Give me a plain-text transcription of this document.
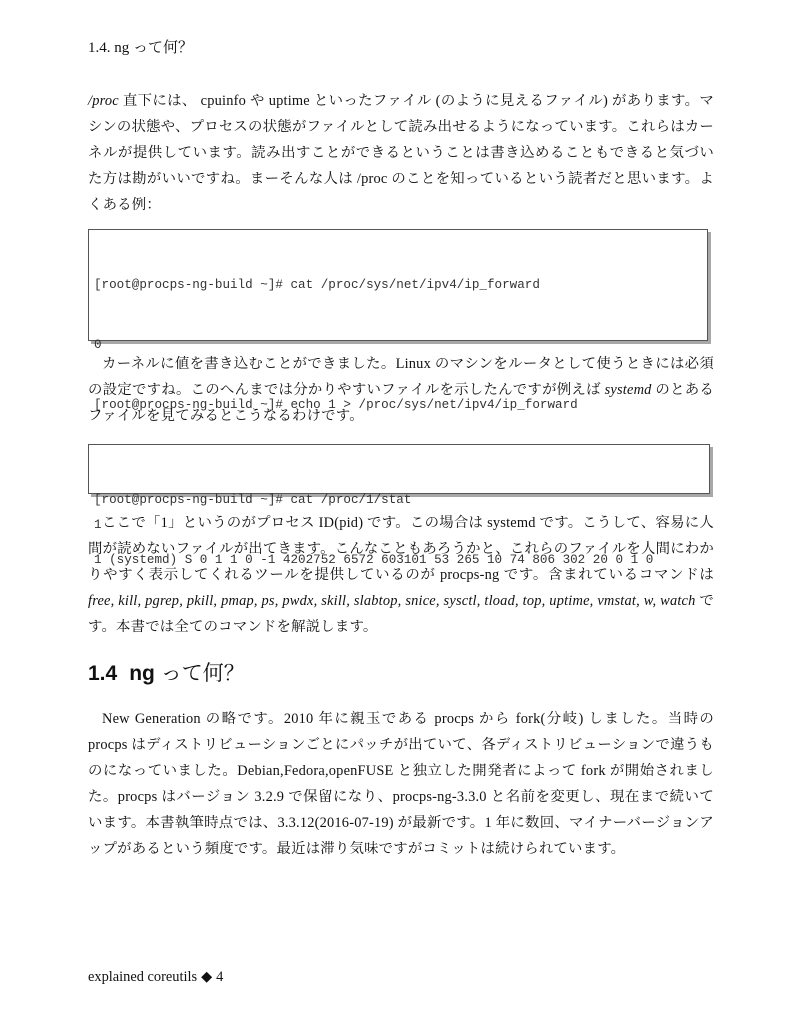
1.4. ng って何？
/proc 直下には、 cpuinfo や uptime といったファイル (のように見えるファイル) があります。マシンの状態や、プロセスの状態がファイルとして読み出せるようになっています。これらはカーネルが提供しています。読み出すことができるということは書き込めることもできると気づいた方は勘がいいですね。まーそんな人は /proc のことを知っているという読者だと思います。よくある例：

[root@procps-ng-build ~]# cat /proc/sys/net/ipv4/ip_forward

0

[root@procps-ng-build ~]# echo 1 > /proc/sys/net/ipv4/ip_forward

1

カーネルに値を書き込むことができました。Linux のマシンをルータとして使うときには必須の設定ですね。このへんまでは分かりやすいファイルを示したんですが例えば systemd のとあるファイルを見てみるとこうなるわけです。

[root@procps-ng-build ~]# cat /proc/1/stat

1 (systemd) S 0 1 1 0 -1 4202752 6572 603101 53 265 10 74 806 302 20 0 1 0

ここで「1」というのがプロセス ID(pid) です。この場合は systemd です。こうして、容易に人間が読めないファイルが出てきます。こんなこともあろうかと、これらのファイルを人間にわかりやすく表示してくれるツールを提供しているのが procps-ng です。含まれているコマンドは free, kill, pgrep, pkill, pmap, ps, pwdx, skill, slabtop, snice, sysctl, tload, top, uptime, vmstat, w, watch です。本書では全てのコマンドを解説します。
1.4 ng って何？
New Generation の略です。2010 年に親玉である procps から fork(分岐) しました。当時の procps はディストリビューションごとにパッチが出ていて、各ディストリビューションで違うものになっていました。Debian,Fedora,openFUSE と独立した開発者によって fork が開始されました。procps はバージョン 3.2.9 で保留になり、procps-ng-3.3.0 と名前を変更し、現在まで続いています。本書執筆時点では、3.3.12(2016-07-19) が最新です。1 年に数回、マイナーバージョンアップがあるという頻度です。最近は滞り気味ですがコミットは続けられています。
explained coreutils ◆ 4
